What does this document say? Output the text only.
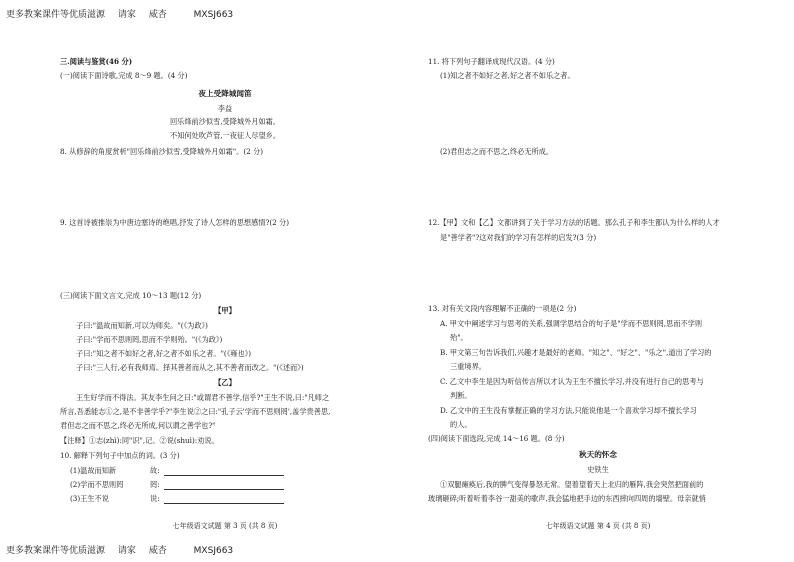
更多教案课件等优质滋源 请家 威杏	MXSJ663
三.阅读与鉴赏(46 分)
(一)阅读下面诗歌,完成 8～9 题。(4 分)
夜上受降城闻笛
李益
回乐烽前沙似雪,受降城外月如霜。
不知何处吹芦管,一夜征人尽望乡。
8. 从修辞的角度赏析"回乐烽前沙似雪,受降城外月如霜"。(2 分)
9. 这首诗被推崇为中唐边塞诗的绝唱,抒发了诗人怎样的思想感情?(2 分)
(三)阅读下面文言文,完成 10～13 题(12 分)
【甲】
子曰:"温故而知新,可以为师矣。"(《为政》)
子曰:"学而不思则罔,思而不学则殆。"(《为政》)
子曰:"知之者不如好之者,好之者不如乐之者。"(《雍也》)
子曰:"三人行,必有我师焉。择其善者而从之,其不善者而改之。"(《述而》)
【乙】
王生好学而不得法。其友李生问之曰:"或谓君不善学,信乎?"王生不说,曰:"凡师之
所言,吾悉能志①之,是不非善学乎?"李生说②之曰:"孔子云'学而不思则罔',盖学贵善思,
君但志之而不思之,终必无所成,何以谓之善学也?"
【注释】①志(zhì):同"识",记。②说(shuì):劝说。
10. 解释下列句子中加点的词。(3 分)
(1)温故而知新	故:
(2)学而不思则罔	罔:
(3)王生不说	说:
七年级语文试题 第 3 页 (共 8 页)
11. 将下列句子翻译成现代汉语。(4 分)
(1)知之者不如好之者,好之者不如乐之者。
(2)君但志之而不思之,终必无所成。
12.【甲】文和【乙】文都讲到了关于学习方法的话题。那么孔子和李生都认为什么样的人才
是"善学者"?这对我们的学习有怎样的启发?(3 分)
13. 对有关文段内容理解不正确的一项是(2 分)
A. 甲文中阐述学习与思考的关系,强调学思结合的句子是"学而不思则罔,思而不学则
殆"。
B. 甲文第三句告诉我们,兴趣才是最好的老师。"知之"、"好之"、"乐之",道出了学习的
三重境界。
C. 乙文中李生是因为听信传言所以才认为王生不擅长学习,并没有进行自己的思考与
判断。
D. 乙文中的王生没有掌握正确的学习方法,只能说他是一个喜欢学习却不擅长学习
的人。
(四)阅读下面选段,完成 14～16 题。(8 分)
秋天的怀念
史铁生
①双腿瘫痪后,我的脾气变得暴怒无常。望着望着天上北归的雁阵,我会突然把面前的
玻璃砸碎;听着听着李谷一甜美的歌声,我会猛地把手边的东西摔向四周的墙壁。母亲就悄
七年级语文试题 第 4 页 (共 8 页)
更多教案课件等优质滋源 请家 威杏	MXSJ663
